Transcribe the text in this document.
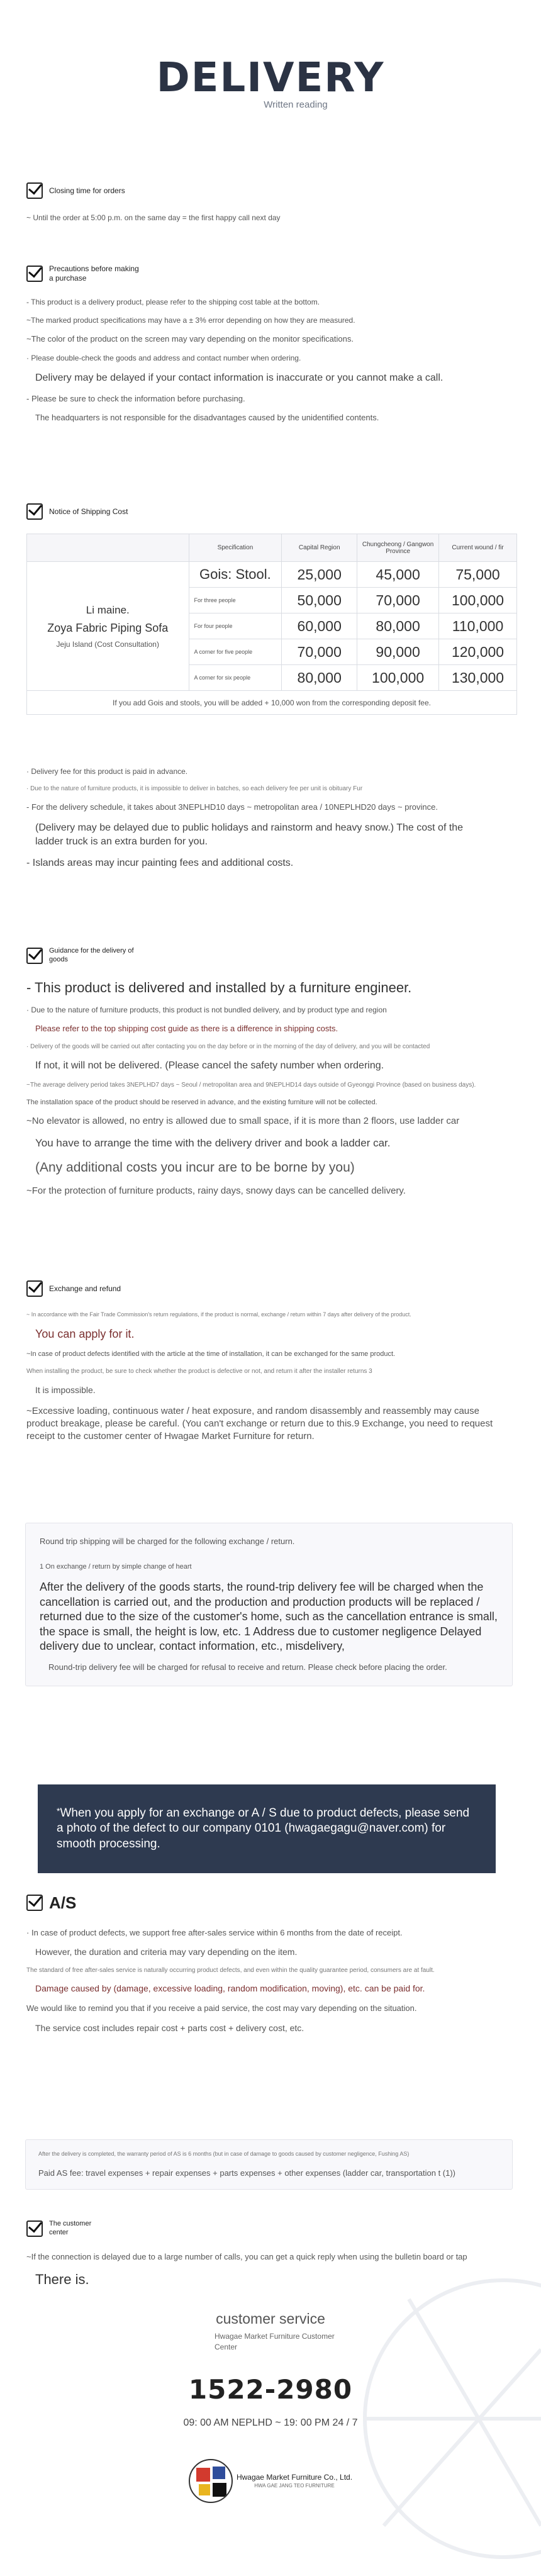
DELIVERY
Written reading
Closing time for orders
~ Until the order at 5:00 p.m. on the same day = the first happy call next day
Precautions before making a purchase
- This product is a delivery product, please refer to the shipping cost table at the bottom.
~The marked product specifications may have a ± 3% error depending on how they are measured.
~The color of the product on the screen may vary depending on the monitor specifications.
· Please double-check the goods and address and contact number when ordering.
Delivery may be delayed if your contact information is inaccurate or you cannot make a call.
- Please be sure to check the information before purchasing.
The headquarters is not responsible for the disadvantages caused by the unidentified contents.
Notice of Shipping Cost
	Specification	Capital Region	Chungcheong / Gangwon Province	Current wound / fir

Li maine.
Zoya Fabric Piping Sofa
Jeju Island (Cost Consultation)	Gois: Stool.	25,000	45,000	75,000
	For three people	50,000	70,000	100,000
	For four people	60,000	80,000	110,000
	A corner for five people	70,000	90,000	120,000
	A corner for six people	80,000	100,000	130,000
If you add Gois and stools, you will be added + 10,000 won from the corresponding deposit fee.				
· Delivery fee for this product is paid in advance.
· Due to the nature of furniture products, it is impossible to deliver in batches, so each delivery fee per unit is obituary Fur
- For the delivery schedule, it takes about 3NEPLHD10 days ~ metropolitan area / 10NEPLHD20 days ~ province.
(Delivery may be delayed due to public holidays and rainstorm and heavy snow.) The cost of the ladder truck is an extra burden for you.
- Islands areas may incur painting fees and additional costs.
Guidance for the delivery of goods
- This product is delivered and installed by a furniture engineer.
· Due to the nature of furniture products, this product is not bundled delivery, and by product type and region
Please refer to the top shipping cost guide as there is a difference in shipping costs.
· Delivery of the goods will be carried out after contacting you on the day before or in the morning of the day of delivery, and you will be contacted
If not, it will not be delivered. (Please cancel the safety number when ordering.
~The average delivery period takes 3NEPLHD7 days ~ Seoul / metropolitan area and 9NEPLHD14 days outside of Gyeonggi Province (based on business days).
The installation space of the product should be reserved in advance, and the existing furniture will not be collected.
~No elevator is allowed, no entry is allowed due to small space, if it is more than 2 floors, use ladder car
You have to arrange the time with the delivery driver and book a ladder car.
(Any additional costs you incur are to be borne by you)
~For the protection of furniture products, rainy days, snowy days can be cancelled delivery.
Exchange and refund
~ In accordance with the Fair Trade Commission's return regulations, if the product is normal, exchange / return within 7 days after delivery of the product.
You can apply for it.
~In case of product defects identified with the article at the time of installation, it can be exchanged for the same product.
When installing the product, be sure to check whether the product is defective or not, and return it after the installer returns 3
It is impossible.
~Excessive loading, continuous water / heat exposure, and random disassembly and reassembly may cause product breakage, please be careful. (You can't exchange or return due to this.9 Exchange, you need to request receipt to the customer center of Hwagae Market Furniture for return.
Round trip shipping will be charged for the following exchange / return.
1 On exchange / return by simple change of heart
After the delivery of the goods starts, the round-trip delivery fee will be charged when the cancellation is carried out, and the production and production products will be replaced / returned due to the size of the customer's home, such as the cancellation entrance is small, the space is small, the height is low, etc. 1 Address due to customer negligence Delayed delivery due to unclear, contact information, etc., misdelivery,
Round-trip delivery fee will be charged for refusal to receive and return. Please check before placing the order.
*When you apply for an exchange or A / S due to product defects, please send a photo of the defect to our company 0101 (hwagaegagu@naver.com) for smooth processing.
A/S
· In case of product defects, we support free after-sales service within 6 months from the date of receipt.
However, the duration and criteria may vary depending on the item.
The standard of free after-sales service is naturally occurring product defects, and even within the quality guarantee period, consumers are at fault.
Damage caused by (damage, excessive loading, random modification, moving), etc. can be paid for.
We would like to remind you that if you receive a paid service, the cost may vary depending on the situation.
The service cost includes repair cost + parts cost + delivery cost, etc.
After the delivery is completed, the warranty period of AS is 6 months (but in case of damage to goods caused by customer negligence, Fushing AS)
Paid AS fee: travel expenses + repair expenses + parts expenses + other expenses (ladder car, transportation t (1))
The customer center
~If the connection is delayed due to a large number of calls, you can get a quick reply when using the bulletin board or tap
There is.
customer service
Hwagae Market Furniture Customer Center
1522-2980
09: 00 AM NEPLHD ~ 19: 00 PM 24 / 7
Hwagae Market Furniture Co., Ltd.
HWA GAE JANG TEO FURNITURE
